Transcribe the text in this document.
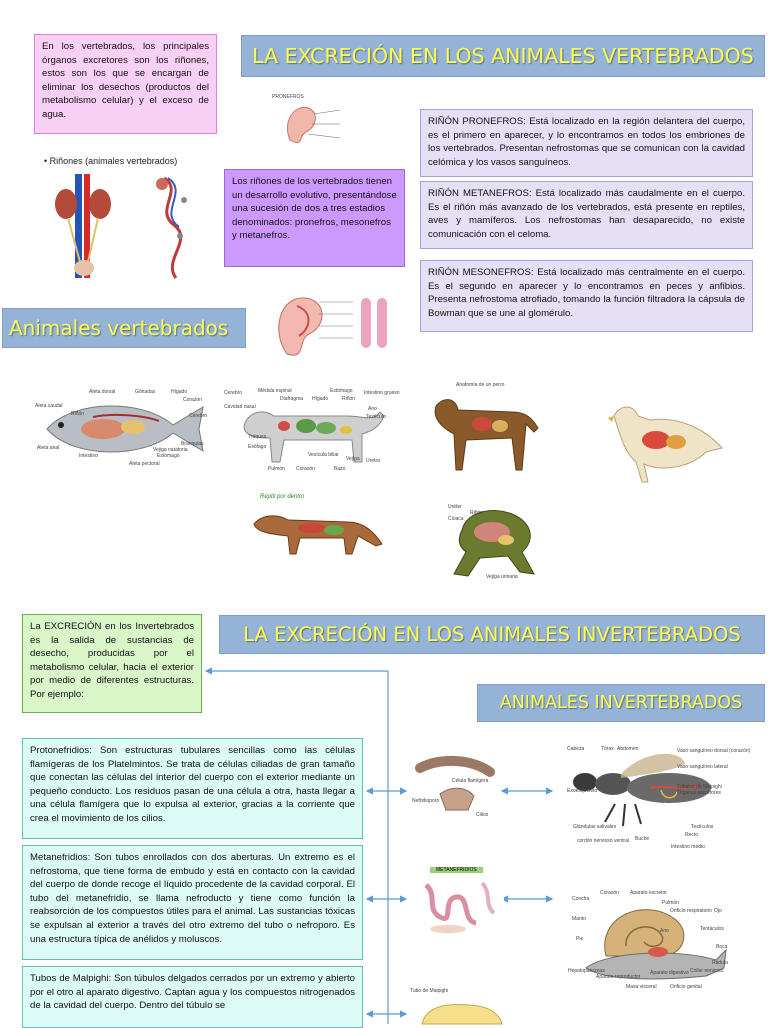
En los vertebrados, los principales órganos excretores son los riñones, estos son los que se encargan de eliminar los desechos (productos del metabolismo celular) y el exceso de agua.
LA EXCRECIÓN EN LOS ANIMALES VERTEBRADOS
• Riñones (animales vertebrados)
PRONEFROS
Los riñones de los vertebrados tienen un desarrollo evolutivo, presentándose una sucesión de dos a tres estadios denominados: pronefros, mesonefros y metanefros.
RIÑÓN PRONEFROS: Está localizado en la región delantera del cuerpo, es el primero en aparecer, y lo encontramos en todos los embriones de los vertebrados. Presentan nefrostomas que se comunican con la cavidad celómica y los vasos sanguíneos.
RIÑÓN METANEFROS: Está localizado más caudalmente en el cuerpo. Es el riñón más avanzado de los vertebrados, está presente en reptiles, aves y mamíferos. Los nefrostomas han desaparecido, no existe comunicación con el celoma.
RIÑÓN MESONEFROS: Está localizado más centralmente en el cuerpo. Es el segundo en aparecer y lo encontramos en peces y anfibios. Presenta nefrostoma atrofiado, tomando la función filtradora la cápsula de Bowman que se une al glomérulo.
Animales vertebrados
Aleta dorsal
Aleta caudal
Riñón
Gónadas
Vejiga natatoria
Estómago
Hígado
Corazón
Branquias
Aleta pectoral
Aleta anal
Intestino
Cerebro
Cerebro	Médula espinal	Estómago Intestino grueso
Diafragma Hígado	Riñón
Ano
Testículo
Cavidad nasal
Tráquea
Esófago
Pulmón Corazón
Vesícula biliar
Vejiga
Bazo
Uretra
Anatomía de un perro
Reptil por dentro
Uréter
Cloaca
Riñón
Vejiga urinaria
La EXCRECIÓN en los Invertebrados es la salida de sustancias de desecho, producidas por el metabolismo celular, hacia el exterior por medio de diferentes estructuras. Por ejemplo:
LA EXCRECIÓN EN LOS ANIMALES INVERTEBRADOS
ANIMALES INVERTEBRADOS
Protonefridios: Son estructuras tubulares sencillas como las células flamígeras de los Platelmintos. Se trata de células ciliadas de gran tamaño que conectan las células del interior del cuerpo con el exterior mediante un pequeño conducto. Los residuos pasan de una célula a otra, hasta llegar a una célula flamígera que lo expulsa al exterior, gracias a la corriente que crea el movimiento de los cilios.
Metanefridios: Son tubos enrollados con dos aberturas. Un extremo es el nefrostoma, que tiene forma de embudo y está en contacto con la cavidad del cuerpo de donde recoge el líquido procedente de la cavidad corporal. El tubo del metanefridio, se llama nefroducto y tiene como función la reabsorción de los compuestos útiles para el animal. Las sustancias tóxicas se expulsan al exterior a través del otro extremo del tubo o nefroporo. Es una estructura típica de anélidos y moluscos.
Tubos de Malpighi: Son túbulos delgados cerrados por un extremo y abierto por el otro al aparato digestivo. Captan agua y los compuestos nitrogenados de la cavidad del cuerpo. Dentro del túbulo se
Célula flamígera
Nefridioporo
Cilios
Cabeza	Tórax Abdomen	Vaso sanguíneo dorsal (corazón)
Vaso sanguíneo lateral
Exoesqueleto
Túbulos de Malpighi
Órganos excretores
Glándulas salivales
cordón nervioso ventral Buche
Recto
Intestino medio
Testículos
METANEFRIDIOS
Concha
Corazón Aparato excretor
Pulmón
Orificio respiratorio Ojo
Tentáculos
Manto
Ano
Boca
Pie
Rádula
Hepatopáncreas
Aparato reproductor
Aparato digestivo Collar nervioso
Masa visceral	Orificio genital
Tubo de Malpighi
